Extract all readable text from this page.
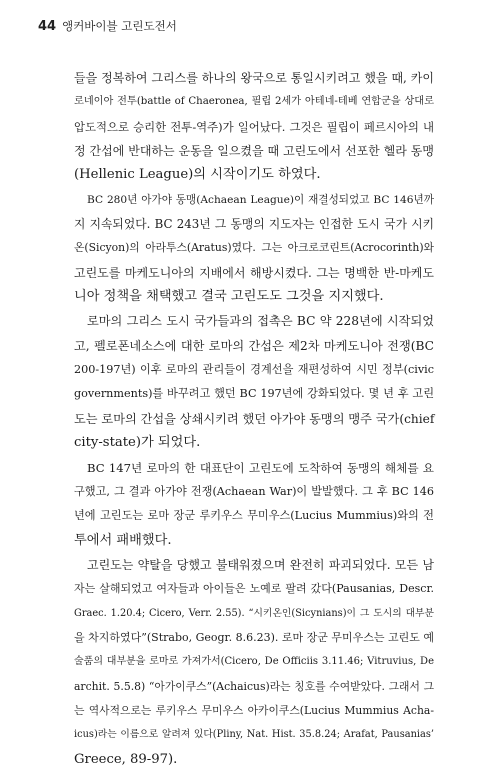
44 앵커바이블 고린도전서
들을 정복하여 그리스를 하나의 왕국으로 통일시키려고 했을 때, 카이
로네이아 전투(battle of Chaeronea, 필립 2세가 아테네-테베 연합군을 상대로
압도적으로 승리한 전투-역주)가 일어났다. 그것은 필립이 페르시아의 내
정 간섭에 반대하는 운동을 일으켰을 때 고린도에서 선포한 헬라 동맹
(Hellenic League)의 시작이기도 하였다.
BC 280년 아가야 동맹(Achaean League)이 재결성되었고 BC 146년까
지 지속되었다. BC 243년 그 동맹의 지도자는 인접한 도시 국가 시키
온(Sicyon)의 아라투스(Aratus)였다. 그는 아크로코린트(Acrocorinth)와
고린도를 마케도니아의 지배에서 해방시켰다. 그는 명백한 반-마케도
니아 정책을 채택했고 결국 고린도도 그것을 지지했다.
로마의 그리스 도시 국가들과의 접촉은 BC 약 228년에 시작되었
고, 펠로폰네소스에 대한 로마의 간섭은 제2차 마케도니아 전쟁(BC
200-197년) 이후 로마의 관리들이 경계선을 재편성하여 시민 정부(civic
governments)를 바꾸려고 했던 BC 197년에 강화되었다. 몇 년 후 고린
도는 로마의 간섭을 상쇄시키려 했던 아가야 동맹의 맹주 국가(chief
city-state)가 되었다.
BC 147년 로마의 한 대표단이 고린도에 도착하여 동맹의 해체를 요
구했고, 그 결과 아가야 전쟁(Achaean War)이 발발했다. 그 후 BC 146
년에 고린도는 로마 장군 루키우스 무미우스(Lucius Mummius)와의 전
투에서 패배했다.
고린도는 약탈을 당했고 불태워졌으며 완전히 파괴되었다. 모든 남
자는 살해되었고 여자들과 아이들은 노예로 팔려 갔다(Pausanias, Descr.
Graec. 1.20.4; Cicero, Verr. 2.55). “시키온인(Sicynians)이 그 도시의 대부분
을 차지하였다”(Strabo, Geogr. 8.6.23). 로마 장군 무미우스는 고린도 예
술품의 대부분을 로마로 가져가서(Cicero, De Officiis 3.11.46; Vitruvius, De
archit. 5.5.8) “아가이쿠스”(Achaicus)라는 칭호를 수여받았다. 그래서 그
는 역사적으로는 루키우스 무미우스 아카이쿠스(Lucius Mummius Acha-
icus)라는 이름으로 알려져 있다(Pliny, Nat. Hist. 35.8.24; Arafat, Pausanias’
Greece, 89-97).
